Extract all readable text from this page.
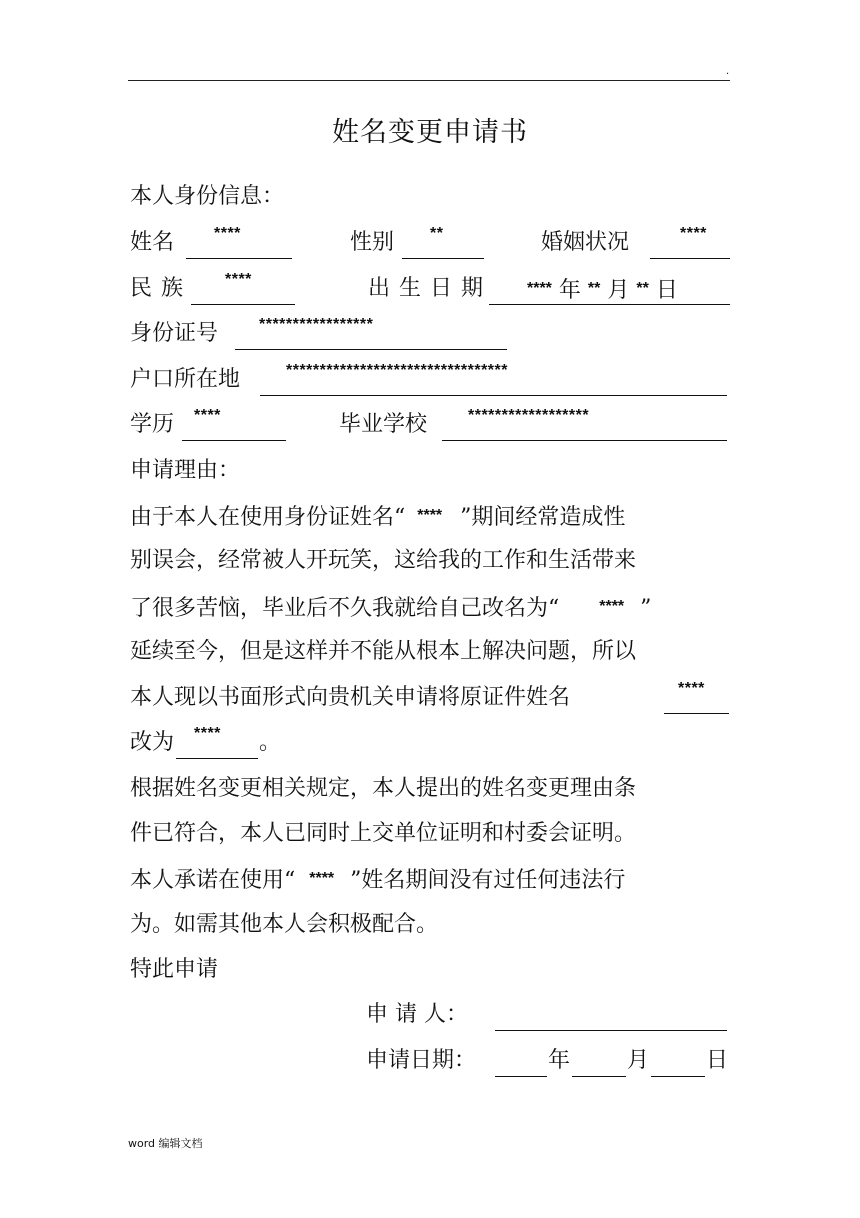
.
姓名变更申请书
本人身份信息：
姓名 ****	性别 **	婚姻状况	****
民族 ****	出生日期 **** 年 ** 月 ** 日
身份证号	*****************
户口所在地	*********************************
学历 ****	毕业学校	******************
申请理由：
由于本人在使用身份证姓名“ **** ”期间经常造成性
别误会，经常被人开玩笑，这给我的工作和生活带来
了很多苦恼，毕业后不久我就给自己改名为“	**** ”
延续至今，但是这样并不能从根本上解决问题，所以
本人现以书面形式向贵机关申请将原证件姓名	****
改为 **** 。
根据姓名变更相关规定，本人提出的姓名变更理由条
件已符合，本人已同时上交单位证明和村委会证明。
本人承诺在使用“ **** ”姓名期间没有过任何违法行
为。如需其他本人会积极配合。
特此申请
申 请 人：
申请日期：	年	月	日
word 编辑文档
